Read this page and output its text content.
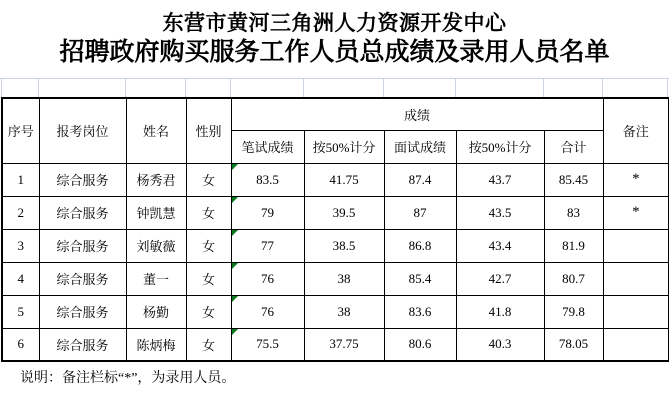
东营市黄河三角洲人力资源开发中心
招聘政府购买服务工作人员总成绩及录用人员名单
序号	报考岗位	姓名	性别	成绩					备注
				笔试成绩	按50%计分	面试成绩	按50%计分	合计	
1	综合服务	杨秀君	女	83.5	41.75	87.4	43.7	85.45	*
2	综合服务	钟凯慧	女	79	39.5	87	43.5	83	*
3	综合服务	刘敏薇	女	77	38.5	86.8	43.4	81.9	
4	综合服务	董一	女	76	38	85.4	42.7	80.7	
5	综合服务	杨勤	女	76	38	83.6	41.8	79.8	
6	综合服务	陈炳梅	女	75.5	37.75	80.6	40.3	78.05	
说明：备注栏标“*”，为录用人员。
